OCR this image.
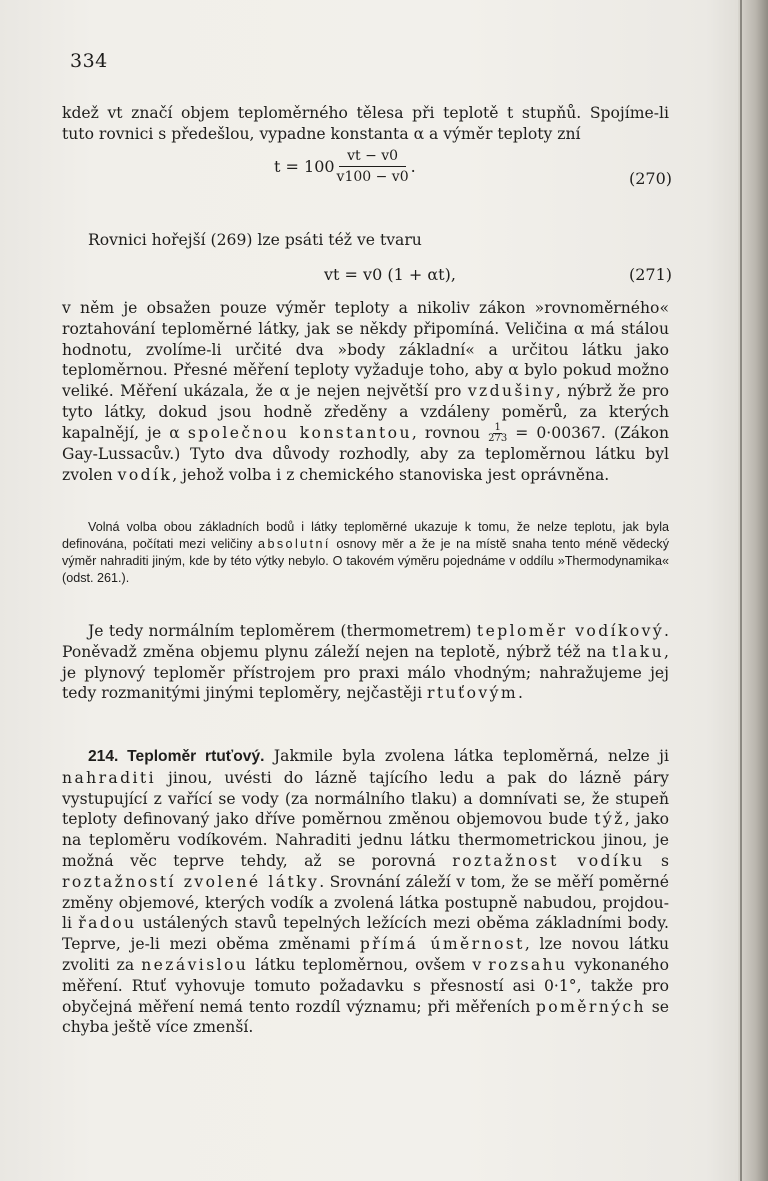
334

kdež vt značí objem teploměrného tělesa při teplotě t stupňů. Spojíme-li tuto rovnici s předešlou, vypadne konstanta α a výměr teploty zní

$t = 100 \frac{vt - v0}{v100 - v0}$ .
(270)

Rovnici hořejší (269) lze psáti též ve tvaru

vt = v0 (1 + αt),	(271)

v něm je obsažen pouze výměr teploty a nikoliv zákon »rovnoměrného« roztahování teploměrné látky, jak se někdy připomíná. Veličina α má stálou hodnotu, zvolíme-li určité dva »body základní« a určitou látku jako teploměrnou. Přesné měření teploty vyžaduje toho, aby α bylo pokud možno veliké. Měření ukázala, že α je nejen největší pro vzdušiny, nýbrž že pro tyto látky, dokud jsou hodně zředěny a vzdáleny poměrů, za kterých kapalnějí, je α společnou konstantou, rovnou $\frac{1}{273} = 0\cdot 00367$. (Zákon Gay-Lussacův.) Tyto dva důvody rozhodly, aby za teploměrnou látku byl zvolen vodík, jehož volba i z chemického stanoviska jest oprávněna.

Volná volba obou základních bodů i látky teploměrné ukazuje k tomu, že nelze teplotu, jak byla definována, počítati mezi veličiny absolutní osnovy měr a že je na místě snaha tento méně vědecký výměr nahraditi jiným, kde by této výtky nebylo. O takovém výměru pojednáme v oddílu »Thermodynamika« (odst. 261.).

Je tedy normálním teploměrem (thermometrem) teploměr vodíkový. Poněvadž změna objemu plynu záleží nejen na teplotě, nýbrž též na tlaku, je plynový teploměr přístrojem pro praxi málo vhodným; nahražujeme jej tedy rozmanitými jinými teploměry, nejčastěji rtuťovým.

214. Teploměr rtuťový. Jakmile byla zvolena látka teploměrná, nelze ji nahraditi jinou, uvésti do lázně tajícího ledu a pak do lázně páry vystupující z vařící se vody (za normálního tlaku) a domnívati se, že stupeň teploty definovaný jako dříve poměrnou změnou objemovou bude týž, jako na teploměru vodíkovém. Nahraditi jednu látku thermometrickou jinou, je možná věc teprve tehdy, až se porovná roztažnost vodíku s roztažností zvolené látky. Srovnání záleží v tom, že se měří poměrné změny objemové, kterých vodík a zvolená látka postupně nabudou, projdou-li řadou ustálených stavů tepelných ležících mezi oběma základními body. Teprve, je-li mezi oběma změnami přímá úměrnost, lze novou látku zvoliti za nezávislou látku teploměrnou, ovšem v rozsahu vykonaného měření. Rtuť vyhovuje tomuto požadavku s přesností asi 0·1°, takže pro obyčejná měření nemá tento rozdíl významu; při měřeních poměrných se chyba ještě více zmenší.
